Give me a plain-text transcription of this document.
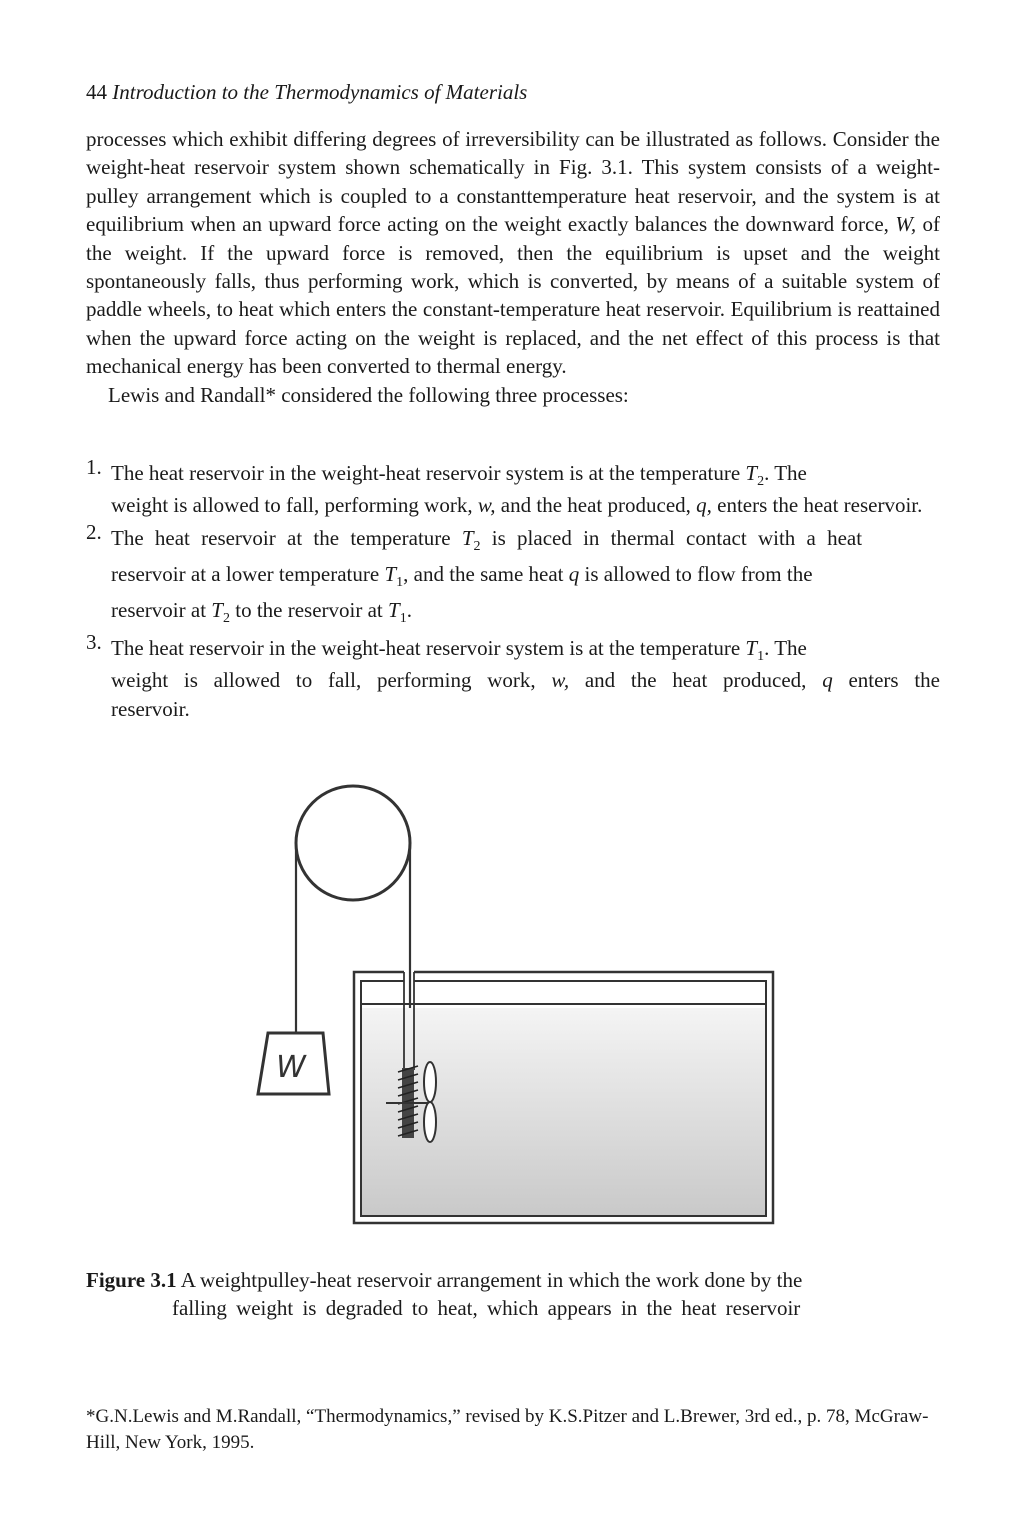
44 Introduction to the Thermodynamics of Materials

processes which exhibit differing degrees of irreversibility can be illustrated as follows. Consider the weight-heat reservoir system shown schematically in Fig. 3.1. This system consists of a weight-pulley arrangement which is coupled to a constanttemperature heat reservoir, and the system is at equilibrium when an upward force acting on the weight exactly balances the downward force, W, of the weight. If the upward force is removed, then the equilibrium is upset and the weight spontaneously falls, thus performing work, which is converted, by means of a suitable system of paddle wheels, to heat which enters the constant-temperature heat reservoir. Equilibrium is reattained when the upward force acting on the weight is replaced, and the net effect of this process is that mechanical energy has been converted to thermal energy.

Lewis and Randall* considered the following three processes:

1. The heat reservoir in the weight-heat reservoir system is at the temperature $T_2$. The
weight is allowed to fall, performing work, w, and the heat produced, q, enters the heat reservoir.
2. The heat reservoir at the temperature $T_2$ is placed in thermal contact with a heat
reservoir at a lower temperature $T_1$, and the same heat q is allowed to flow from the
reservoir at $T_2$ to the reservoir at $T_1$.
3. The heat reservoir in the weight-heat reservoir system is at the temperature $T_1$. The
weight is allowed to fall, performing work, w, and the heat produced, q enters the reservoir.
W
Figure 3.1 A weightpulley-heat reservoir arrangement in which the work done by the
falling weight is degraded to heat, which appears in the heat reservoir
*G.N.Lewis and M.Randall, “Thermodynamics,” revised by K.S.Pitzer and L.Brewer, 3rd ed., p. 78, McGraw-Hill, New York, 1995.
